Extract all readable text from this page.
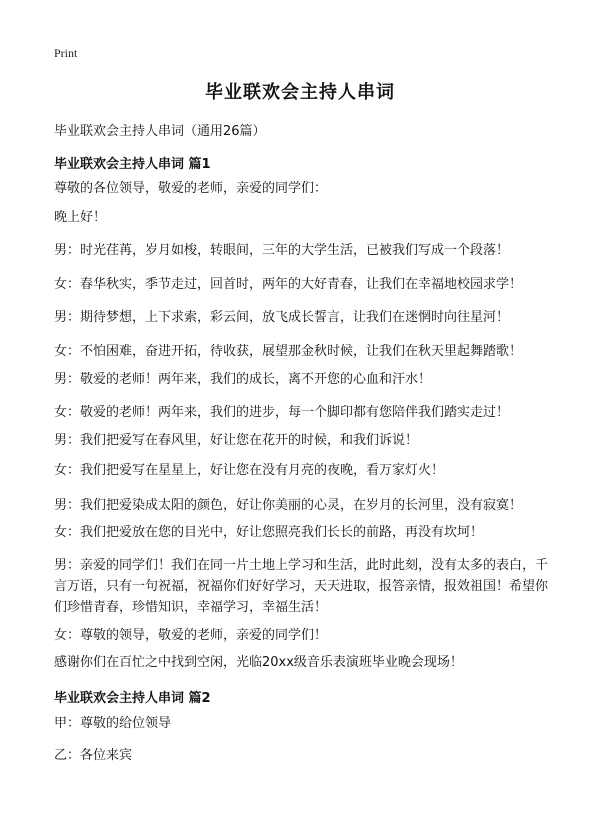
Print
毕业联欢会主持人串词
毕业联欢会主持人串词（通用26篇）
毕业联欢会主持人串词 篇1
尊敬的各位领导，敬爱的老师，亲爱的同学们：
晚上好！
男：时光荏苒，岁月如梭，转眼间，三年的大学生活，已被我们写成一个段落！
女：春华秋实，季节走过，回首时，两年的大好青春，让我们在幸福地校园求学！
男：期待梦想，上下求索，彩云间，放飞成长誓言，让我们在迷惘时向往星河！
女：不怕困难，奋进开拓，待收获，展望那金秋时候，让我们在秋天里起舞踏歌！
男：敬爱的老师！两年来，我们的成长，离不开您的心血和汗水！
女：敬爱的老师！两年来，我们的进步，每一个脚印都有您陪伴我们踏实走过！
男：我们把爱写在春风里，好让您在花开的时候，和我们诉说！
女：我们把爱写在星星上，好让您在没有月亮的夜晚，看万家灯火！
男：我们把爱染成太阳的颜色，好让你美丽的心灵，在岁月的长河里，没有寂寞！
女：我们把爱放在您的目光中，好让您照亮我们长长的前路，再没有坎坷！
男：亲爱的同学们！我们在同一片土地上学习和生活，此时此刻，没有太多的表白，千言万语，只有一句祝福，祝福你们好好学习，天天进取，报答亲情，报效祖国！希望你们珍惜青春，珍惜知识，幸福学习，幸福生活！
女：尊敬的领导，敬爱的老师，亲爱的同学们！
感谢你们在百忙之中找到空闲，光临20xx级音乐表演班毕业晚会现场！
毕业联欢会主持人串词 篇2
甲：尊敬的给位领导
乙：各位来宾
